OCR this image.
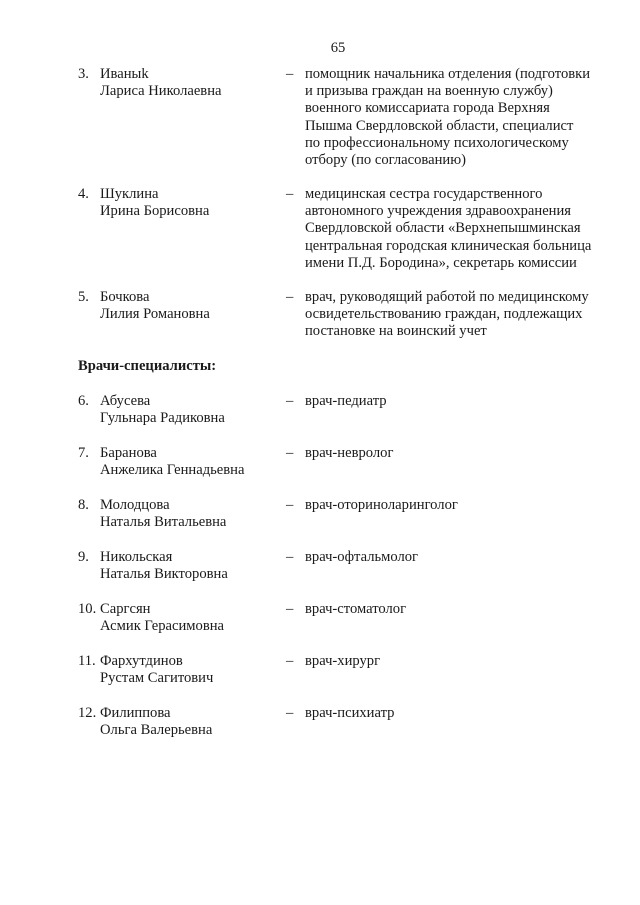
65
3. Иваныk
Лариса Николаевна
– помощник начальника отделения (подготовки
и призыва граждан на военную службу)
военного комиссариата города Верхняя
Пышма Свердловской области, специалист
по профессиональному психологическому
отбору (по согласованию)
4. Шуклина
Ирина Борисовна
– медицинская сестра государственного
автономного учреждения здравоохранения
Свердловской области «Верхнепышминская
центральная городская клиническая больница
имени П.Д. Бородина», секретарь комиссии
5. Бочкова
Лилия Романовна
– врач, руководящий работой по медицинскому
освидетельствованию граждан, подлежащих
постановке на воинский учет
Врачи-специалисты:
6. Абусева
Гульнара Радиковна
– врач-педиатр
7. Баранова
Анжелика Геннадьевна
– врач-невролог
8. Молодцова
Наталья Витальевна
– врач-оториноларинголог
9. Никольская
Наталья Викторовна
– врач-офтальмолог
10. Саргсян
Асмик Герасимовна
– врач-стоматолог
11. Фархутдинов
Рустам Сагитович
– врач-хирург
12. Филиппова
Ольга Валерьевна
– врач-психиатр
